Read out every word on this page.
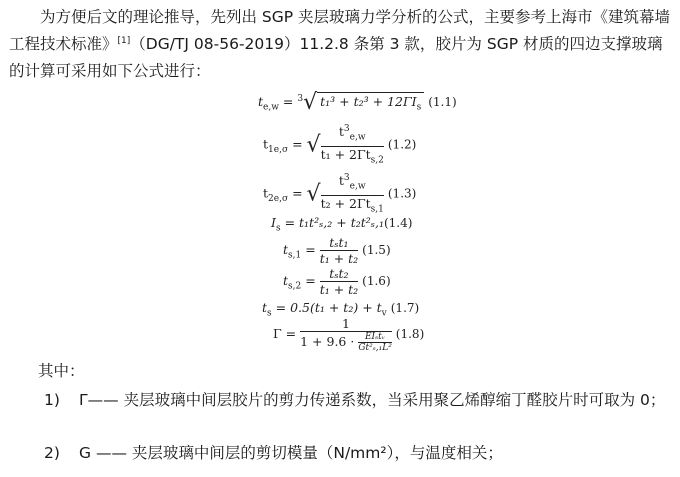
为方便后文的理论推导，先列出 SGP 夹层玻璃力学分析的公式，主要参考上海市《建筑幕墙工程技术标准》[1]（DG/TJ 08-56-2019）11.2.8 条第 3 款，胶片为 SGP 材质的四边支撑玻璃的计算可采用如下公式进行：
$t_{e,w} = ^3√$ $t_1^3 + t_2^3 + 12\Gamma I_s$ (1.1)
$t_{1e,\sigma}$ = √ $\frac{t^3_{e,w}}{t_1 + 2\Gamma t_{s,2}} (1.2)$
$t_{2e,\sigma}$ = √ $\frac{t^3_{e,w}}{t_2 + 2\Gamma t_{s,1}} (1.3)$
$I_s = t_1t^2_s,_2 + t_2t^2_s,_1(1.4)$
$t_{s,1} = \frac{\text{tₛt₁}}{\text{t₁ + t₂}} (1.5)$
$t_{s,2} = \frac{\text{tₛt₂}}{\text{t₁ + t₂}} (1.6)$
$t_s = 0.5(t_1 + t_2) + t_v$ (1.7)
$\Gamma = \frac{1}{1 + 9.6 \cdot \frac{\text{EIₛtᵥ}}{\text{Gt²ₛ,₁L²}}} (1.8)$
其中：
1) Γ—— 夹层玻璃中间层胶片的剪力传递系数，当采用聚乙烯醇缩丁醛胶片时可取为 0；
2) G —— 夹层玻璃中间层的剪切模量（N/mm²），与温度相关；
